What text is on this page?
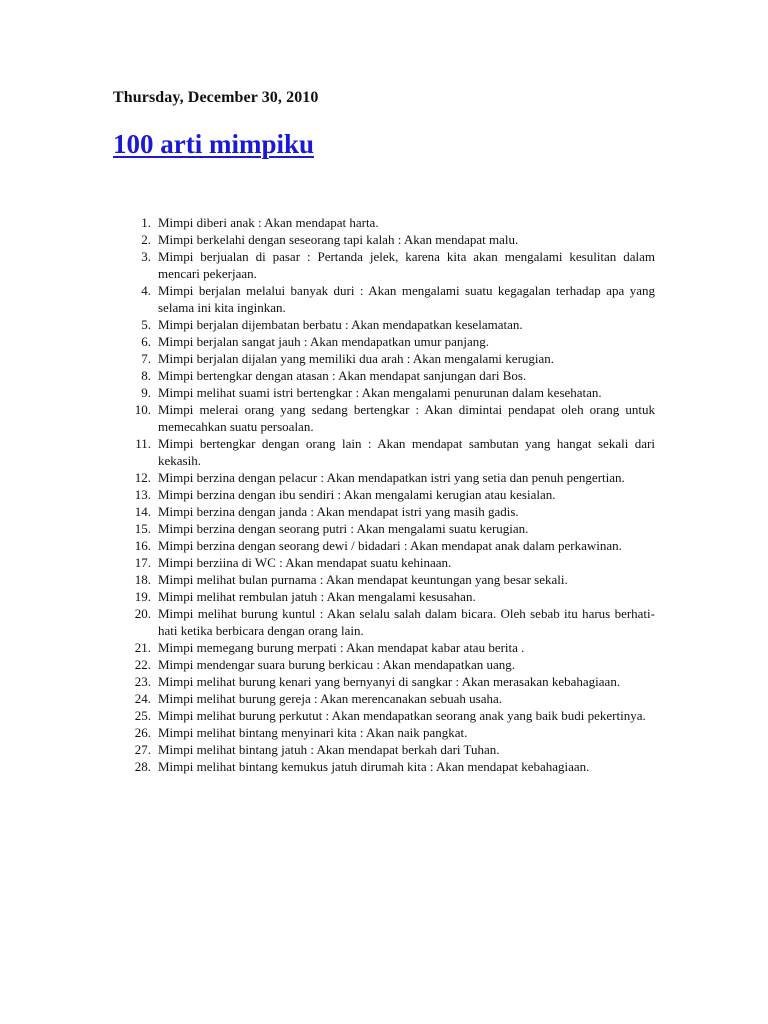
Thursday, December 30, 2010
100 arti mimpiku
1. Mimpi diberi anak : Akan mendapat harta.
2. Mimpi berkelahi dengan seseorang tapi kalah : Akan mendapat malu.
3. Mimpi berjualan di pasar : Pertanda jelek, karena kita akan mengalami kesulitan dalam mencari pekerjaan.
4. Mimpi berjalan melalui banyak duri : Akan mengalami suatu kegagalan terhadap apa yang selama ini kita inginkan.
5. Mimpi berjalan dijembatan berbatu : Akan mendapatkan keselamatan.
6. Mimpi berjalan sangat jauh : Akan mendapatkan umur panjang.
7. Mimpi berjalan dijalan yang memiliki dua arah : Akan mengalami kerugian.
8. Mimpi bertengkar dengan atasan : Akan mendapat sanjungan dari Bos.
9. Mimpi melihat suami istri bertengkar : Akan mengalami penurunan dalam kesehatan.
10. Mimpi melerai orang yang sedang bertengkar : Akan dimintai pendapat oleh orang untuk memecahkan suatu persoalan.
11. Mimpi bertengkar dengan orang lain : Akan mendapat sambutan yang hangat sekali dari kekasih.
12. Mimpi berzina dengan pelacur : Akan mendapatkan istri yang setia dan penuh pengertian.
13. Mimpi berzina dengan ibu sendiri : Akan mengalami kerugian atau kesialan.
14. Mimpi berzina dengan janda : Akan mendapat istri yang masih gadis.
15. Mimpi berzina dengan seorang putri : Akan mengalami suatu kerugian.
16. Mimpi berzina dengan seorang dewi / bidadari : Akan mendapat anak dalam perkawinan.
17. Mimpi berziina di WC : Akan mendapat suatu kehinaan.
18. Mimpi melihat bulan purnama : Akan mendapat keuntungan yang besar sekali.
19. Mimpi melihat rembulan jatuh : Akan mengalami kesusahan.
20. Mimpi melihat burung kuntul : Akan selalu salah dalam bicara. Oleh sebab itu harus berhati-hati ketika berbicara dengan orang lain.
21. Mimpi memegang burung merpati : Akan mendapat kabar atau berita .
22. Mimpi mendengar suara burung berkicau : Akan mendapatkan uang.
23. Mimpi melihat burung kenari yang bernyanyi di sangkar : Akan merasakan kebahagiaan.
24. Mimpi melihat burung gereja : Akan merencanakan sebuah usaha.
25. Mimpi melihat burung perkutut : Akan mendapatkan seorang anak yang baik budi pekertinya.
26. Mimpi melihat bintang menyinari kita : Akan naik pangkat.
27. Mimpi melihat bintang jatuh : Akan mendapat berkah dari Tuhan.
28. Mimpi melihat bintang kemukus jatuh dirumah kita : Akan mendapat kebahagiaan.
